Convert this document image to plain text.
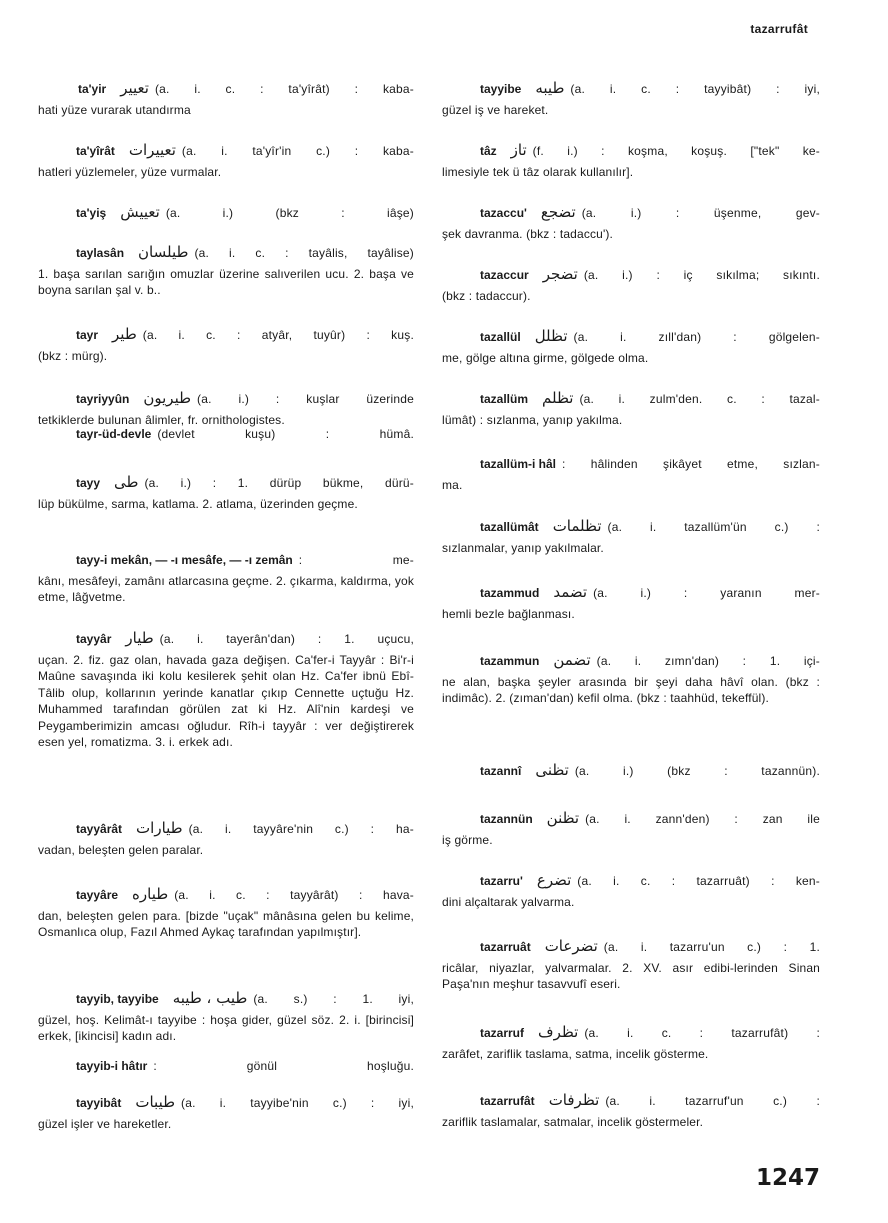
tazarrufât
ta'yir تعيير (a. i. c. : ta'yîrât) : kaba-
hati yüze vurarak utandırma
ta'yîrât تعييرات (a. i. ta'yîr'in c.) : kaba-
hatleri yüzlemeler, yüze vurmalar.
ta'yiş تعييش (a. i.) (bkz : iâşe)
taylasân طيلسان (a. i. c. : tayâlis, tayâlise)
1. başa sarılan sarığın omuzlar üzerine salıverilen ucu. 2. başa ve boyna sarılan şal v. b..
tayr طير (a. i. c. : atyâr, tuyûr) : kuş.
(bkz : mürg).
tayriyyûn طيريون (a. i.) : kuşlar üzerinde
tetkiklerde bulunan âlimler, fr. ornithologistes.
tayr-üd-devle (devlet kuşu) : hümâ.
tayy طى (a. i.) : 1. dürüp bükme, dürü-
lüp bükülme, sarma, katlama. 2. atlama, üzerinden geçme.
tayy-i mekân, — -ı mesâfe, — -ı zemân : me-
kânı, mesâfeyi, zamânı atlarcasına geçme. 2. çıkarma, kaldırma, yok etme, lâğvetme.
tayyâr طيار (a. i. tayerân'dan) : 1. uçucu,
uçan. 2. fiz. gaz olan, havada gaza değişen. Ca'fer-i Tayyâr : Bi'r-i Maûne savaşında iki kolu kesilerek şehit olan Hz. Ca'fer ibnü Ebî-Tâlib olup, kollarının yerinde kanatlar çıkıp Cennette uçtuğu Hz. Muhammed tarafından görülen zat ki Hz. Alî'nin kardeşi ve Peygamberimizin amcası oğludur. Rîh-i tayyâr : ver değiştirerek esen yel, romatizma. 3. i. erkek adı.
tayyârât طيارات (a. i. tayyâre'nin c.) : ha-
vadan, beleşten gelen paralar.
tayyâre طياره (a. i. c. : tayyârât) : hava-
dan, beleşten gelen para. [bizde "uçak" mânâsına gelen bu kelime, Osmanlıca olup, Fazıl Ahmed Aykaç tarafından yapılmıştır].
tayyib, tayyibe طيب ، طيبه (a. s.) : 1. iyi,
güzel, hoş. Kelimât-ı tayyibe : hoşa gider, güzel söz. 2. i. [birincisi] erkek, [ikincisi] kadın adı.
tayyib-i hâtır : gönül hoşluğu.
tayyibât طيبات (a. i. tayyibe'nin c.) : iyi,
güzel işler ve hareketler.
tayyibe طيبه (a. i. c. : tayyibât) : iyi,
güzel iş ve hareket.
tâz تاز (f. i.) : koşma, koşuş. ["tek" ke-
limesiyle tek ü tâz olarak kullanılır].
tazaccu' تضجع (a. i.) : üşenme, gev-
şek davranma. (bkz : tadaccu').
tazaccur تضجر (a. i.) : iç sıkılma; sıkıntı.
(bkz : tadaccur).
tazallül تظلل (a. i. zıll'dan) : gölgelen-
me, gölge altına girme, gölgede olma.
tazallüm تظلم (a. i. zulm'den. c. : tazal-
lümât) : sızlanma, yanıp yakılma.
tazallüm-i hâl : hâlinden şikâyet etme, sızlan-
ma.
tazallümât تظلمات (a. i. tazallüm'ün c.) :
sızlanmalar, yanıp yakılmalar.
tazammud تضمد (a. i.) : yaranın mer-
hemli bezle bağlanması.
tazammun تضمن (a. i. zımn'dan) : 1. içi-
ne alan, başka şeyler arasında bir şeyi daha hâvî olan. (bkz : indimâc). 2. (zıman'dan) kefil olma. (bkz : taahhüd, tekeffül).
tazannî تظنى (a. i.) (bkz : tazannün).
tazannün تظنن (a. i. zann'den) : zan ile
iş görme.
tazarru' تضرع (a. i. c. : tazarruât) : ken-
dini alçaltarak yalvarma.
tazarruât تضرعات (a. i. tazarru'un c.) : 1.
ricâlar, niyazlar, yalvarmalar. 2. XV. asır edibi-lerinden Sinan Paşa'nın meşhur tasavvufî eseri.
tazarruf تظرف (a. i. c. : tazarrufât) :
zarâfet, zariflik taslama, satma, incelik gösterme.
tazarrufât تظرفات (a. i. tazarruf'un c.) :
zariflik taslamalar, satmalar, incelik göstermeler.
1247
